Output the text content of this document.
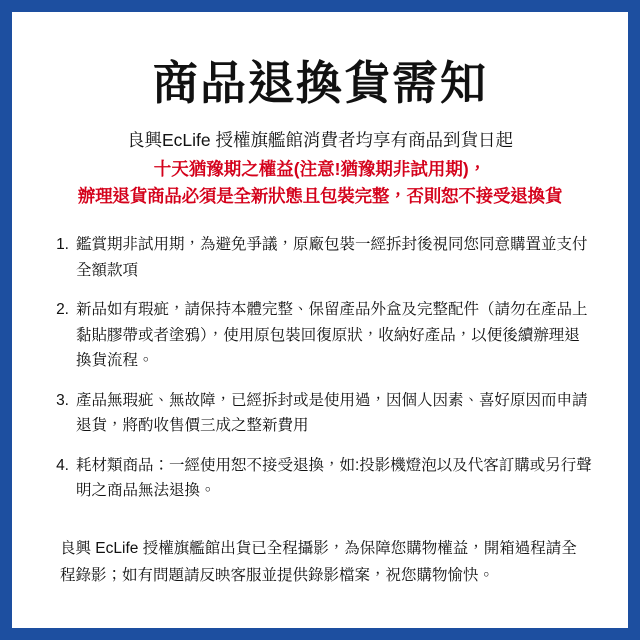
商品退換貨需知
良興EcLife 授權旗艦館消費者均享有商品到貨日起
十天猶豫期之權益(注意!猶豫期非試用期)，
辦理退貨商品必須是全新狀態且包裝完整，否則恕不接受退換貨
1. 鑑賞期非試用期，為避免爭議，原廠包裝一經拆封後視同您同意購置並支付全額款項
2. 新品如有瑕疵，請保持本體完整、保留產品外盒及完整配件（請勿在產品上黏貼膠帶或者塗鴉），使用原包裝回復原狀，收納好產品，以便後續辦理退換貨流程。
3. 產品無瑕疵、無故障，已經拆封或是使用過，因個人因素、喜好原因而申請退貨，將酌收售價三成之整新費用
4. 耗材類商品：一經使用恕不接受退換，如:投影機燈泡以及代客訂購或另行聲明之商品無法退換。
良興 EcLife 授權旗艦館出貨已全程攝影，為保障您購物權益，開箱過程請全程錄影；如有問題請反映客服並提供錄影檔案，祝您購物愉快。
